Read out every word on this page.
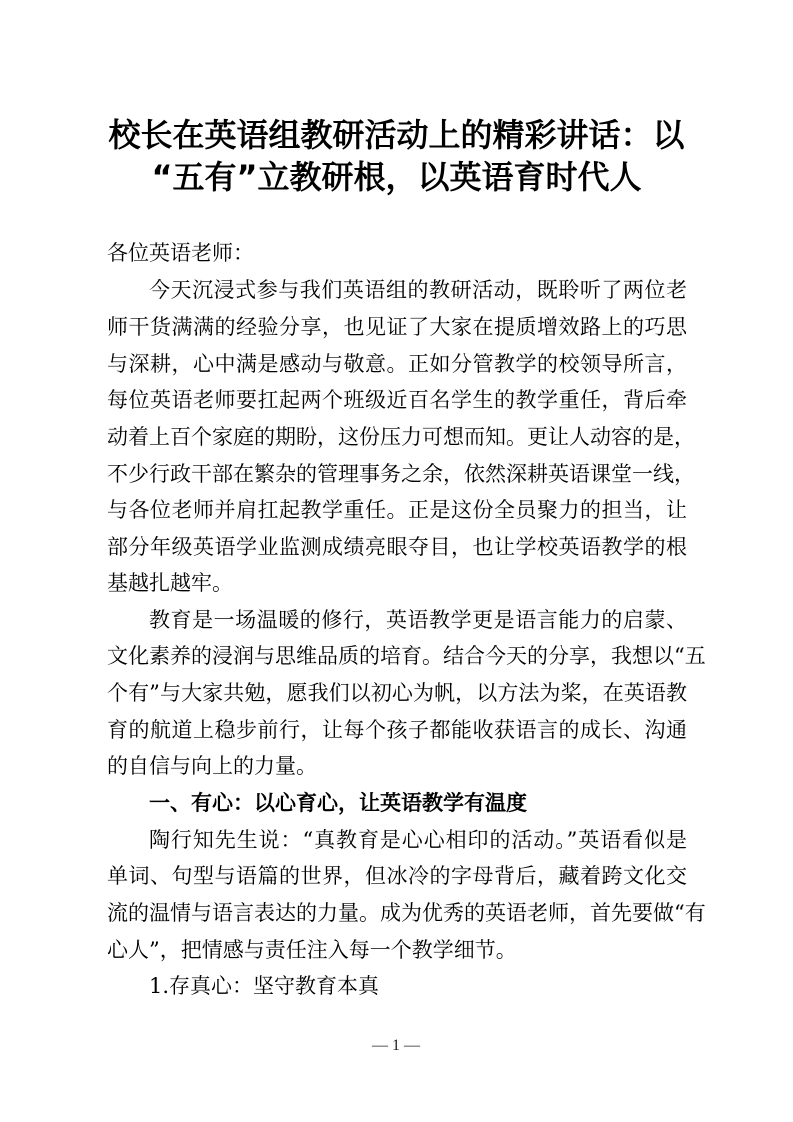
校长在英语组教研活动上的精彩讲话：以
“五有”立教研根，以英语育时代人
各位英语老师：
今天沉浸式参与我们英语组的教研活动，既聆听了两位老
师干货满满的经验分享，也见证了大家在提质增效路上的巧思
与深耕，心中满是感动与敬意。正如分管教学的校领导所言，
每位英语老师要扛起两个班级近百名学生的教学重任，背后牵
动着上百个家庭的期盼，这份压力可想而知。更让人动容的是，
不少行政干部在繁杂的管理事务之余，依然深耕英语课堂一线，
与各位老师并肩扛起教学重任。正是这份全员聚力的担当，让
部分年级英语学业监测成绩亮眼夺目，也让学校英语教学的根
基越扎越牢。
教育是一场温暖的修行，英语教学更是语言能力的启蒙、
文化素养的浸润与思维品质的培育。结合今天的分享，我想以“五
个有”与大家共勉，愿我们以初心为帆，以方法为桨，在英语教
育的航道上稳步前行，让每个孩子都能收获语言的成长、沟通
的自信与向上的力量。
一、有心：以心育心，让英语教学有温度
陶行知先生说：“真教育是心心相印的活动。”英语看似是
单词、句型与语篇的世界，但冰冷的字母背后，藏着跨文化交
流的温情与语言表达的力量。成为优秀的英语老师，首先要做“有
心人”，把情感与责任注入每一个教学细节。
1.存真心：坚守教育本真
— 1 —
